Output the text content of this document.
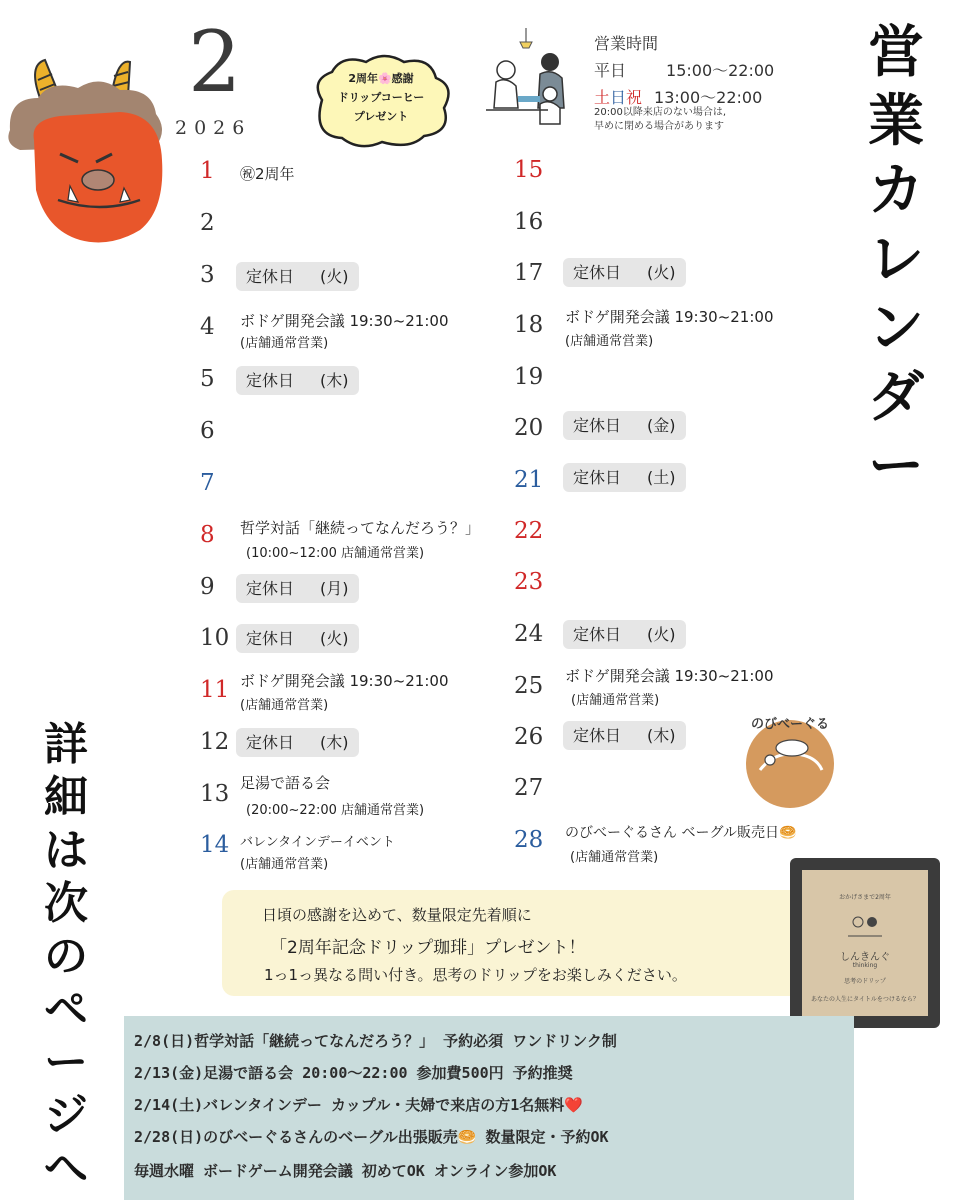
2
2026
2周年🌸感謝
ドリップコーヒー
プレゼント
営業時間
平日	15:00〜22:00
土日祝 13:00〜22:00
20:00以降来店のない場合は,
早めに閉める場合があります
営
業
カ
レ
ン
ダ
ー
1	㊗2周年
2
3	定休日 (火)
4	ボドゲ開発会議 19:30~21:00
(店舗通常営業)
5	定休日 (木)
6
7
8	哲学対話「継続ってなんだろう？」
(10:00~12:00 店舗通常営業)
9	定休日 (月)
10	定休日 (火)
11 ボドゲ開発会議 19:30~21:00
(店舗通常営業)
12	定休日 (木)
13 足湯で語る会
(20:00~22:00 店舗通常営業)
14 バレンタインデーイベント
(店舗通常営業)
15
16
17	定休日 (火)
18	ボドゲ開発会議 19:30~21:00
(店舗通常営業)
19
20	定休日 (金)
21	定休日 (土)
22
23
24	定休日 (火)
25	ボドゲ開発会議 19:30~21:00
(店舗通常営業)
26	定休日 (木)
27
28	のびべーぐるさん ベーグル販売日🥯
(店舗通常営業)
のびべーぐる
日頃の感謝を込めて、数量限定先着順に
「2周年記念ドリップ珈琲」プレゼント！
1っ1っ異なる問い付き。思考のドリップをお楽しみください。
おかげさまで2周年
しんきんぐ
thinking
思考のドリップ
あなたの人生にタイトルをつけるなら？
2/8(日)哲学対話「継続ってなんだろう？」 予約必須 ワンドリンク制
2/13(金)足湯で語る会 20:00〜22:00 参加費500円 予約推奨
2/14(土)バレンタインデー カップル・夫婦で来店の方1名無料❤️
2/28(日)のびべーぐるさんのベーグル出張販売🥯 数量限定・予約OK
毎週水曜 ボードゲーム開発会議 初めてOK オンライン参加OK
詳
細
は
次
の
ペ
ー
ジ
へ
